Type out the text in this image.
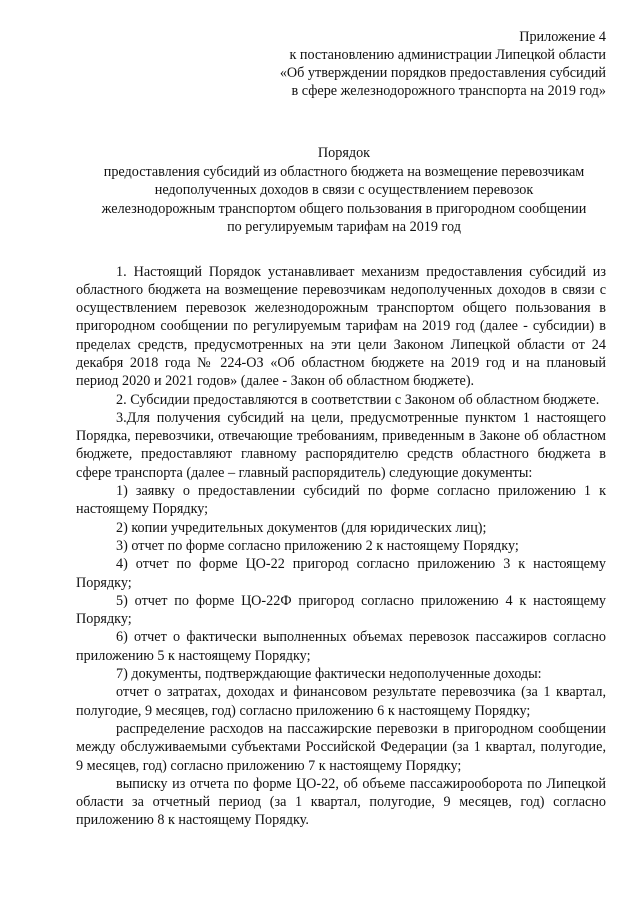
Приложение 4
к постановлению администрации Липецкой области
«Об утверждении порядков предоставления субсидий
в сфере железнодорожного транспорта на 2019 год»
Порядок
предоставления субсидий из областного бюджета на возмещение перевозчикам
недополученных доходов в связи с осуществлением перевозок
железнодорожным транспортом общего пользования в пригородном сообщении
по регулируемым тарифам на 2019 год

1. Настоящий Порядок устанавливает механизм предоставления субсидий из областного бюджета на возмещение перевозчикам недополученных доходов в связи с осуществлением перевозок железнодорожным транспортом общего пользования в пригородном сообщении по регулируемым тарифам на 2019 год (далее - субсидии) в пределах средств, предусмотренных на эти цели Законом Липецкой области от 24 декабря 2018 года № 224-ОЗ «Об областном бюджете на 2019 год и на плановый период 2020 и 2021 годов» (далее - Закон об областном бюджете).

2. Субсидии предоставляются в соответствии с Законом об областном бюджете.

3.Для получения субсидий на цели, предусмотренные пунктом 1 настоящего Порядка, перевозчики, отвечающие требованиям, приведенным в Законе об областном бюджете, предоставляют главному распорядителю средств областного бюджета в сфере транспорта (далее – главный распорядитель) следующие документы:

1) заявку о предоставлении субсидий по форме согласно приложению 1 к настоящему Порядку;

2) копии учредительных документов (для юридических лиц);

3) отчет по форме согласно приложению 2 к настоящему Порядку;

4) отчет по форме ЦО-22 пригород согласно приложению 3 к настоящему Порядку;

5) отчет по форме ЦО-22Ф пригород согласно приложению 4 к настоящему Порядку;

6) отчет о фактически выполненных объемах перевозок пассажиров согласно приложению 5 к настоящему Порядку;

7) документы, подтверждающие фактически недополученные доходы:

отчет о затратах, доходах и финансовом результате перевозчика (за 1 квартал, полугодие, 9 месяцев, год) согласно приложению 6 к настоящему Порядку;

распределение расходов на пассажирские перевозки в пригородном сообщении между обслуживаемыми субъектами Российской Федерации (за 1 квартал, полугодие, 9 месяцев, год) согласно приложению 7 к настоящему Порядку;

выписку из отчета по форме ЦО-22, об объеме пассажирооборота по Липецкой области за отчетный период (за 1 квартал, полугодие, 9 месяцев, год) согласно приложению 8 к настоящему Порядку.
